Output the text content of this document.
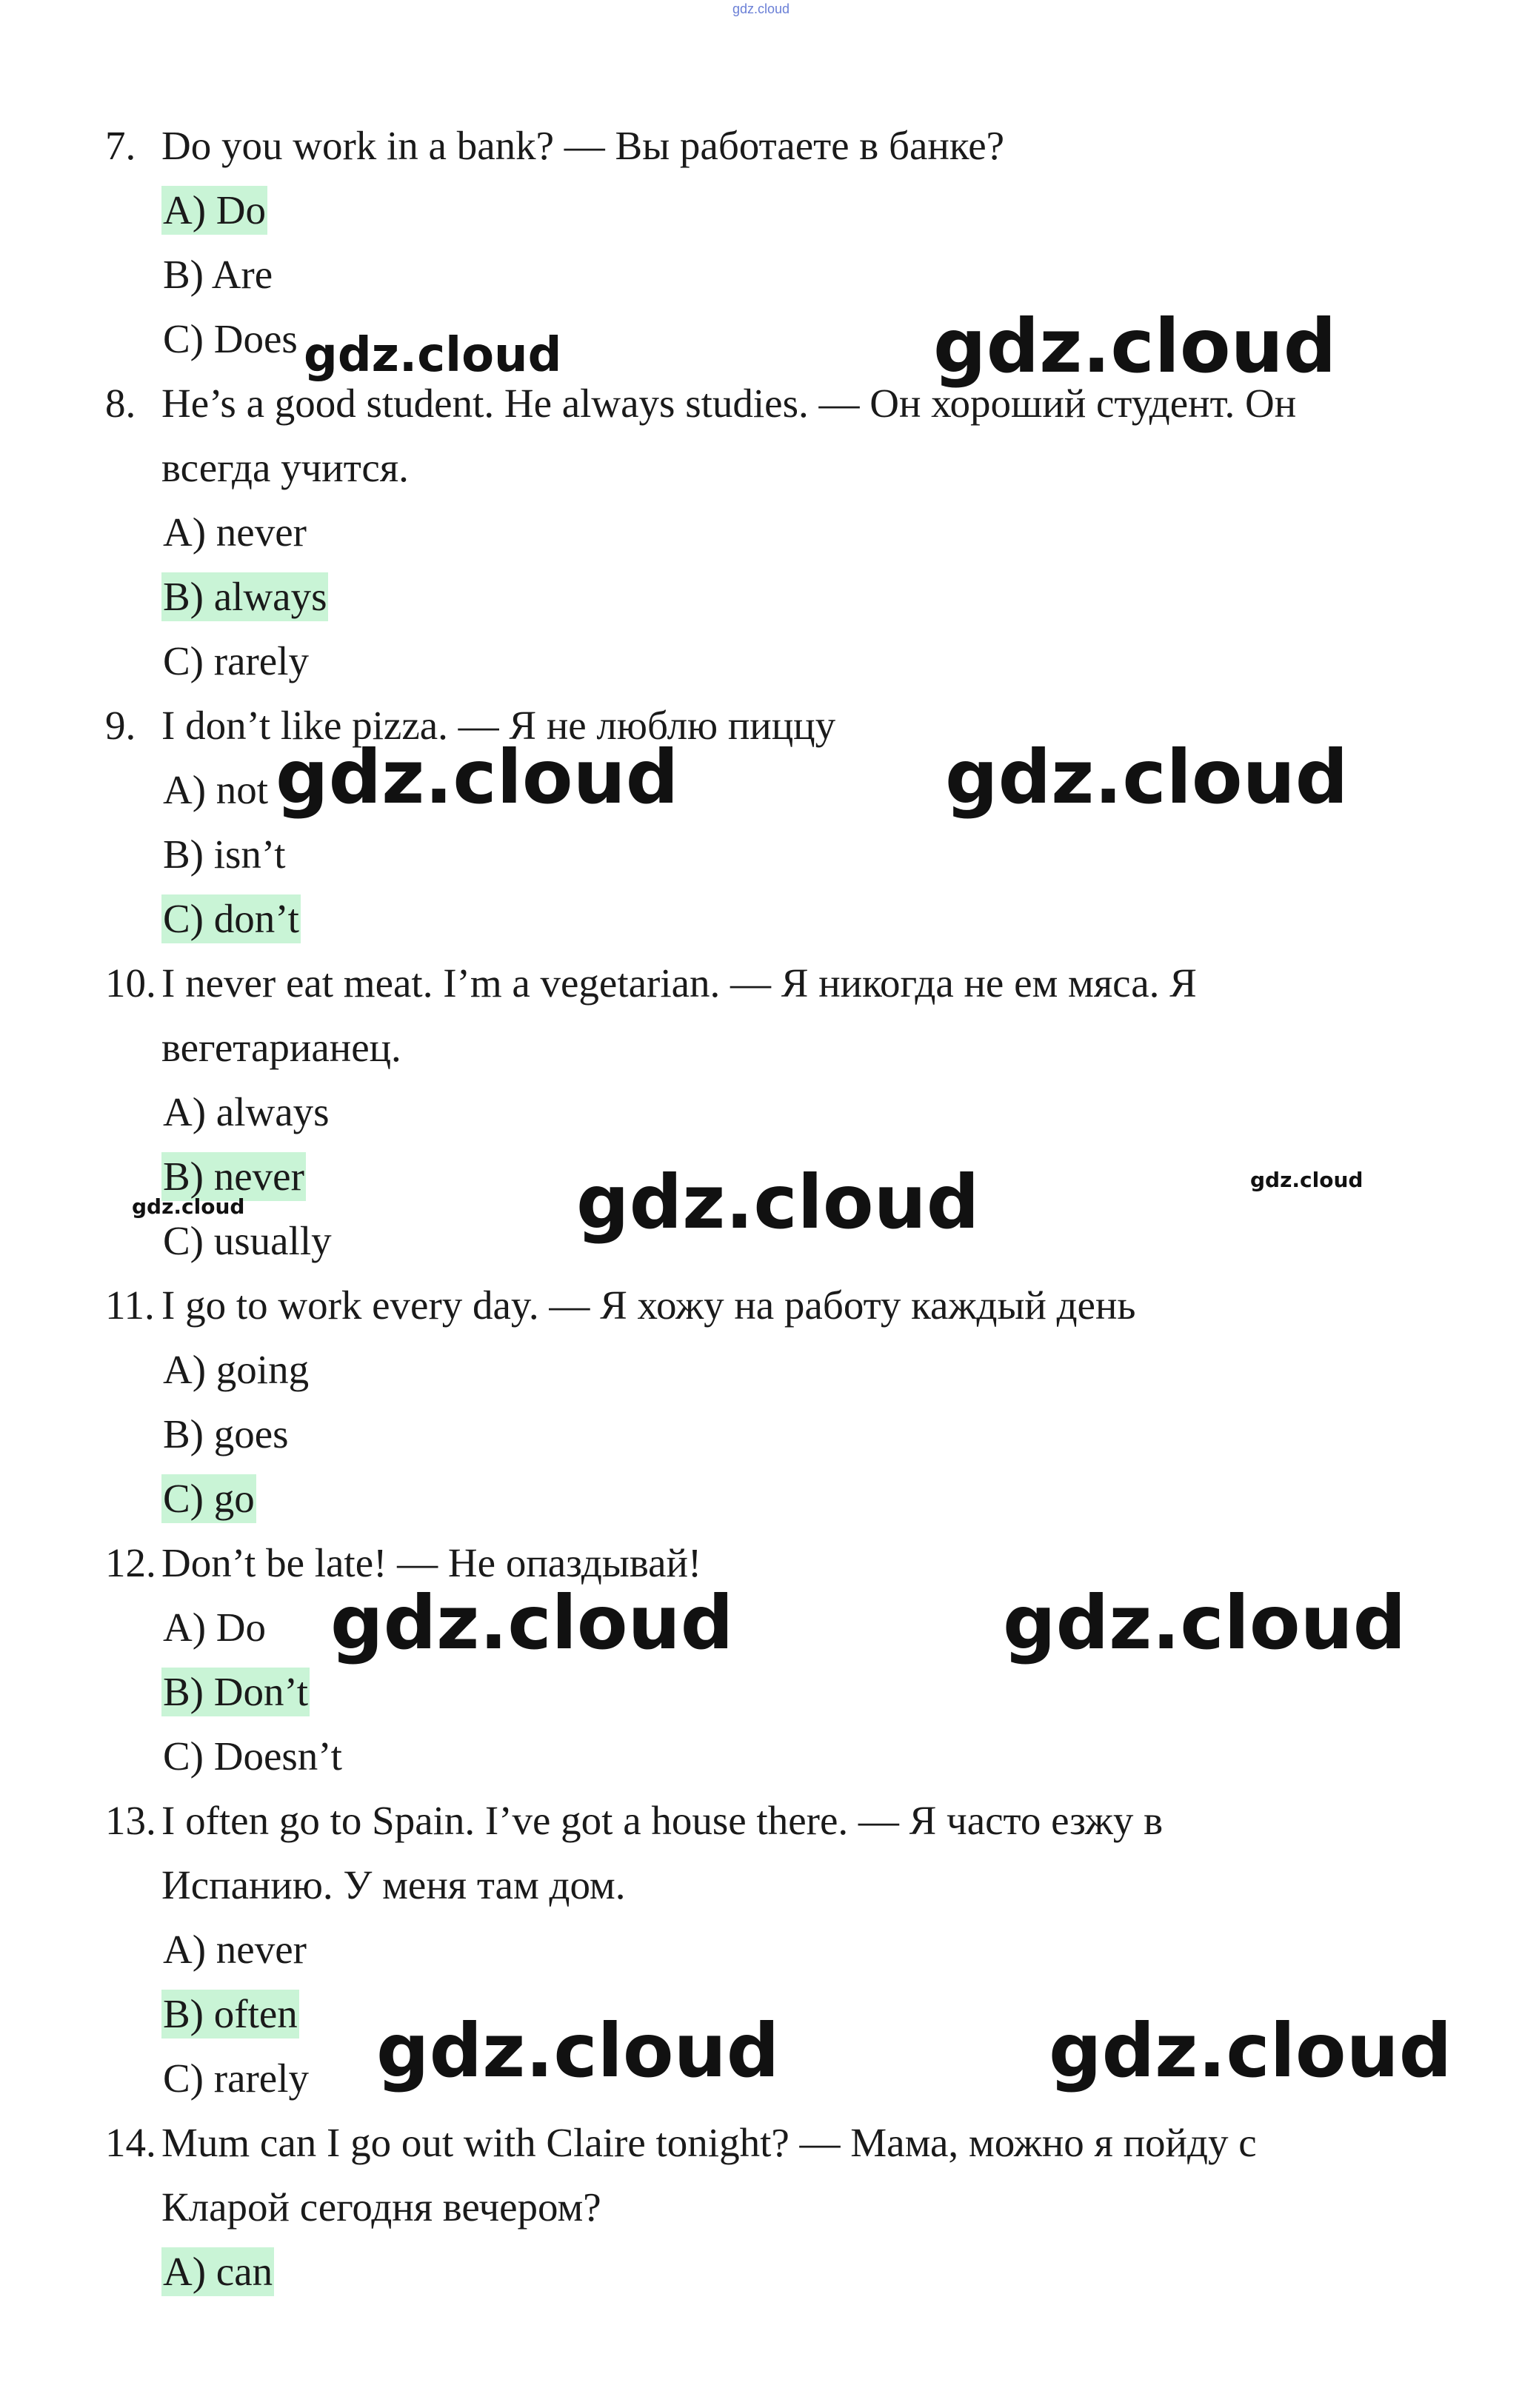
gdz.cloud
7. Do you work in a bank? — Вы работаете в банке?
A) Do
B) Are
C) Does
8. He’s a good student. He always studies. — Он хороший студент. Он
всегда учится.
A) never
B) always
C) rarely
9. I don’t like pizza. — Я не люблю пиццу
A) not
B) isn’t
C) don’t
10. I never eat meat. I’m a vegetarian. — Я никогда не ем мяса. Я
вегетарианец.
A) always
B) never
C) usually
11. I go to work every day. — Я хожу на работу каждый день
A) going
B) goes
C) go
12. Don’t be late! — Не опаздывай!
A) Do
B) Don’t
C) Doesn’t
13. I often go to Spain. I’ve got a house there. — Я часто езжу в
Испанию. У меня там дом.
A) never
B) often
C) rarely
14. Mum can I go out with Claire tonight? — Мама, можно я пойду с
Кларой сегодня вечером?
A) can
gdz.cloud	gdz.cloud
gdz.cloud	gdz.cloud
gdz.cloud	gdz.cloud
gdz.cloud
gdz.cloud	gdz.cloud
gdz.cloud	gdz.cloud
